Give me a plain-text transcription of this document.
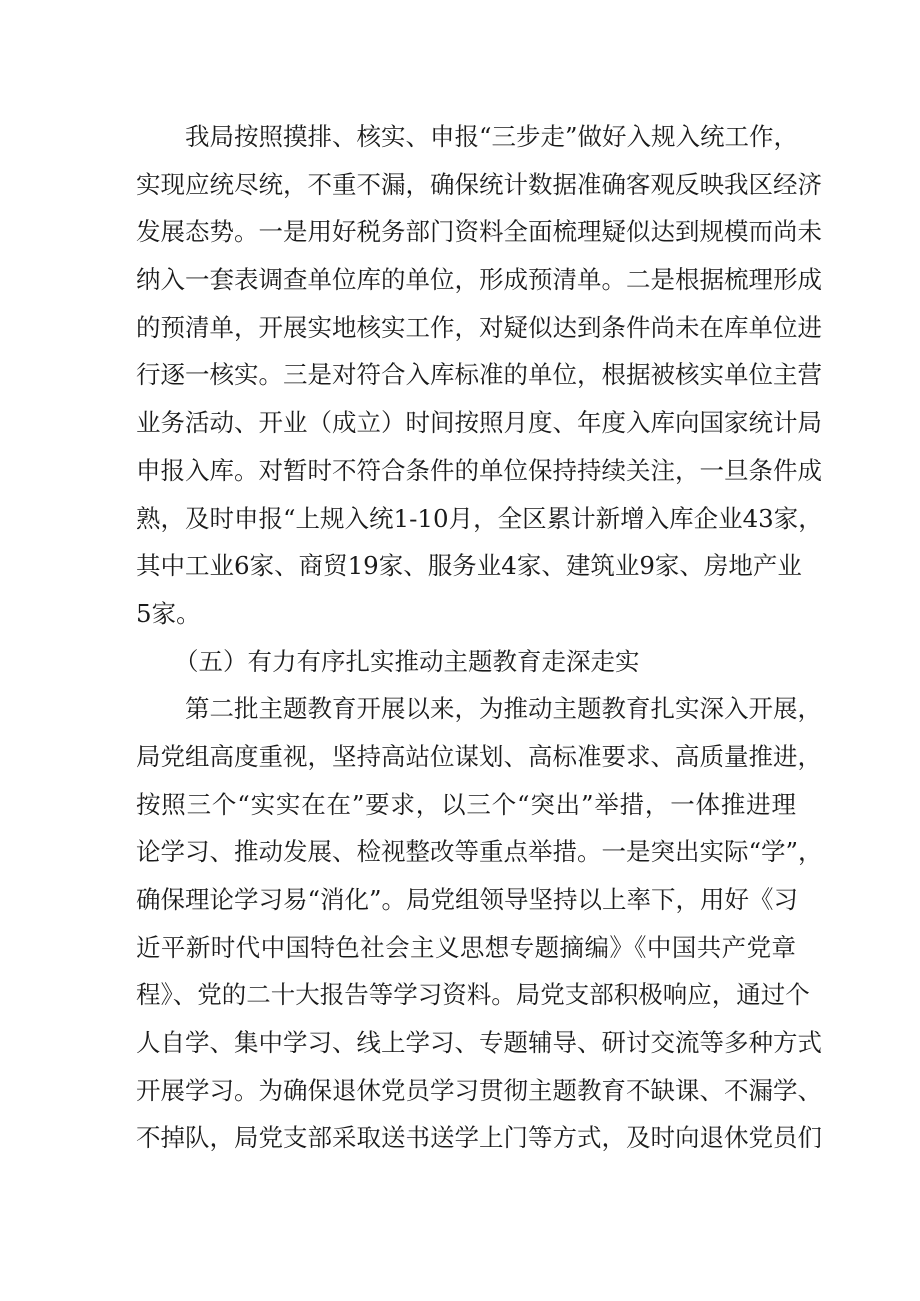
我局按照摸排、核实、申报“三步走”做好入规入统工作，
实现应统尽统，不重不漏，确保统计数据准确客观反映我区经济
发展态势。一是用好税务部门资料全面梳理疑似达到规模而尚未
纳入一套表调查单位库的单位，形成预清单。二是根据梳理形成
的预清单，开展实地核实工作，对疑似达到条件尚未在库单位进
行逐一核实。三是对符合入库标准的单位，根据被核实单位主营
业务活动、开业（成立）时间按照月度、年度入库向国家统计局
申报入库。对暂时不符合条件的单位保持持续关注，一旦条件成
熟，及时申报“上规入统1-10月，全区累计新增入库企业43家，
其中工业6家、商贸19家、服务业4家、建筑业9家、房地产业
5家。
（五）有力有序扎实推动主题教育走深走实
第二批主题教育开展以来，为推动主题教育扎实深入开展，
局党组高度重视，坚持高站位谋划、高标准要求、高质量推进，
按照三个“实实在在”要求，以三个“突出”举措，一体推进理
论学习、推动发展、检视整改等重点举措。一是突出实际“学”，
确保理论学习易“消化”。局党组领导坚持以上率下，用好《习
近平新时代中国特色社会主义思想专题摘编》《中国共产党章
程》、党的二十大报告等学习资料。局党支部积极响应，通过个
人自学、集中学习、线上学习、专题辅导、研讨交流等多种方式
开展学习。为确保退休党员学习贯彻主题教育不缺课、不漏学、
不掉队，局党支部采取送书送学上门等方式，及时向退休党员们
